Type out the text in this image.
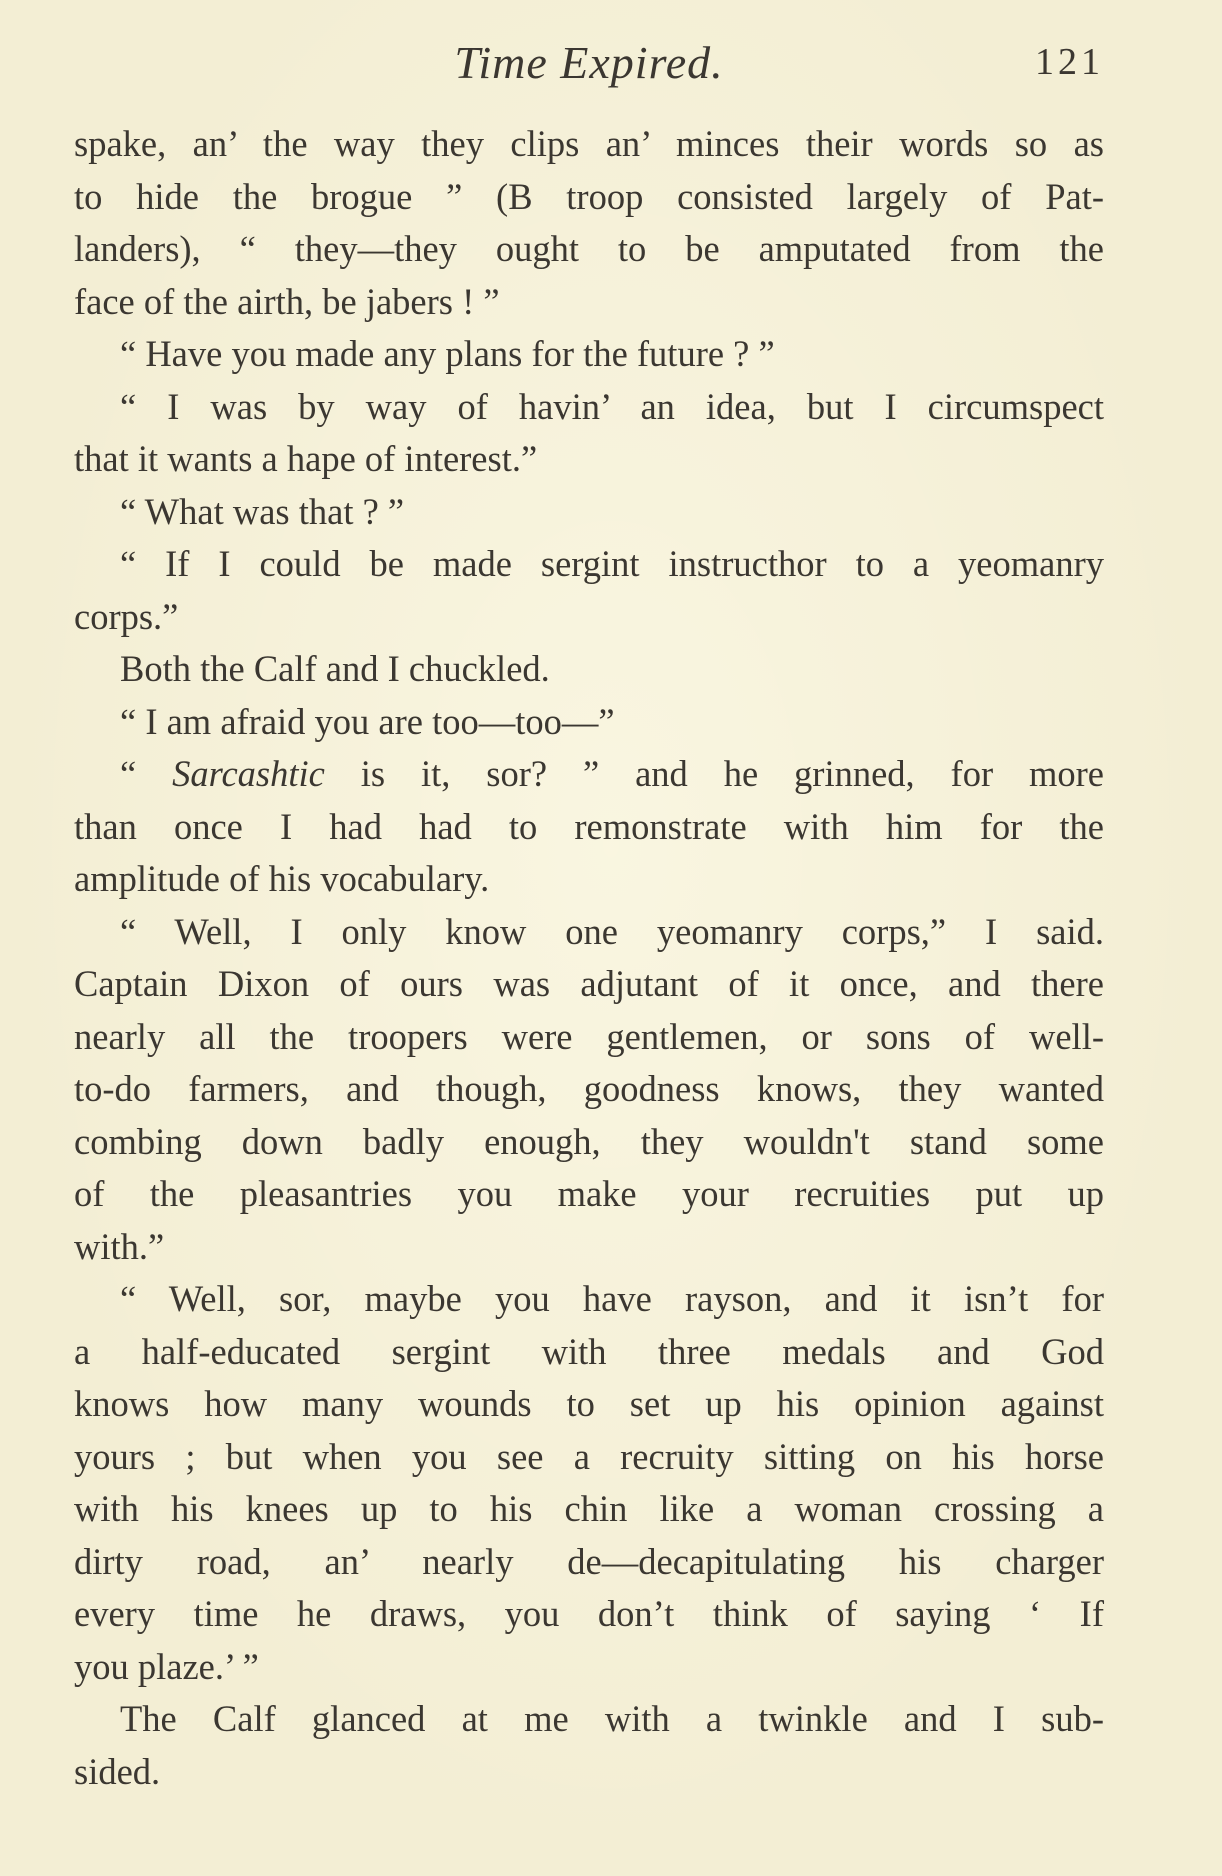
Time Expired.	121
spake, an’ the way they clips an’ minces their words so as
to hide the brogue ” (B troop consisted largely of Pat-
landers), “ they—they ought to be amputated from the
face of the airth, be jabers ! ”
“ Have you made any plans for the future ? ”
“ I was by way of havin’ an idea, but I circumspect
that it wants a hape of interest.”
“ What was that ? ”
“ If I could be made sergint instructhor to a yeomanry
corps.”
Both the Calf and I chuckled.
“ I am afraid you are too—too—”
“ Sarcashtic is it, sor? ” and he grinned, for more
than once I had had to remonstrate with him for the
amplitude of his vocabulary.
“ Well, I only know one yeomanry corps,” I said.
Captain Dixon of ours was adjutant of it once, and there
nearly all the troopers were gentlemen, or sons of well-
to-do farmers, and though, goodness knows, they wanted
combing down badly enough, they wouldn't stand some
of the pleasantries you make your recruities put up
with.”
“ Well, sor, maybe you have rayson, and it isn’t for
a half-educated sergint with three medals and God
knows how many wounds to set up his opinion against
yours ; but when you see a recruity sitting on his horse
with his knees up to his chin like a woman crossing a
dirty road, an’ nearly de—decapitulating his charger
every time he draws, you don’t think of saying ‘ If
you plaze.’ ”
The Calf glanced at me with a twinkle and I sub-
sided.
